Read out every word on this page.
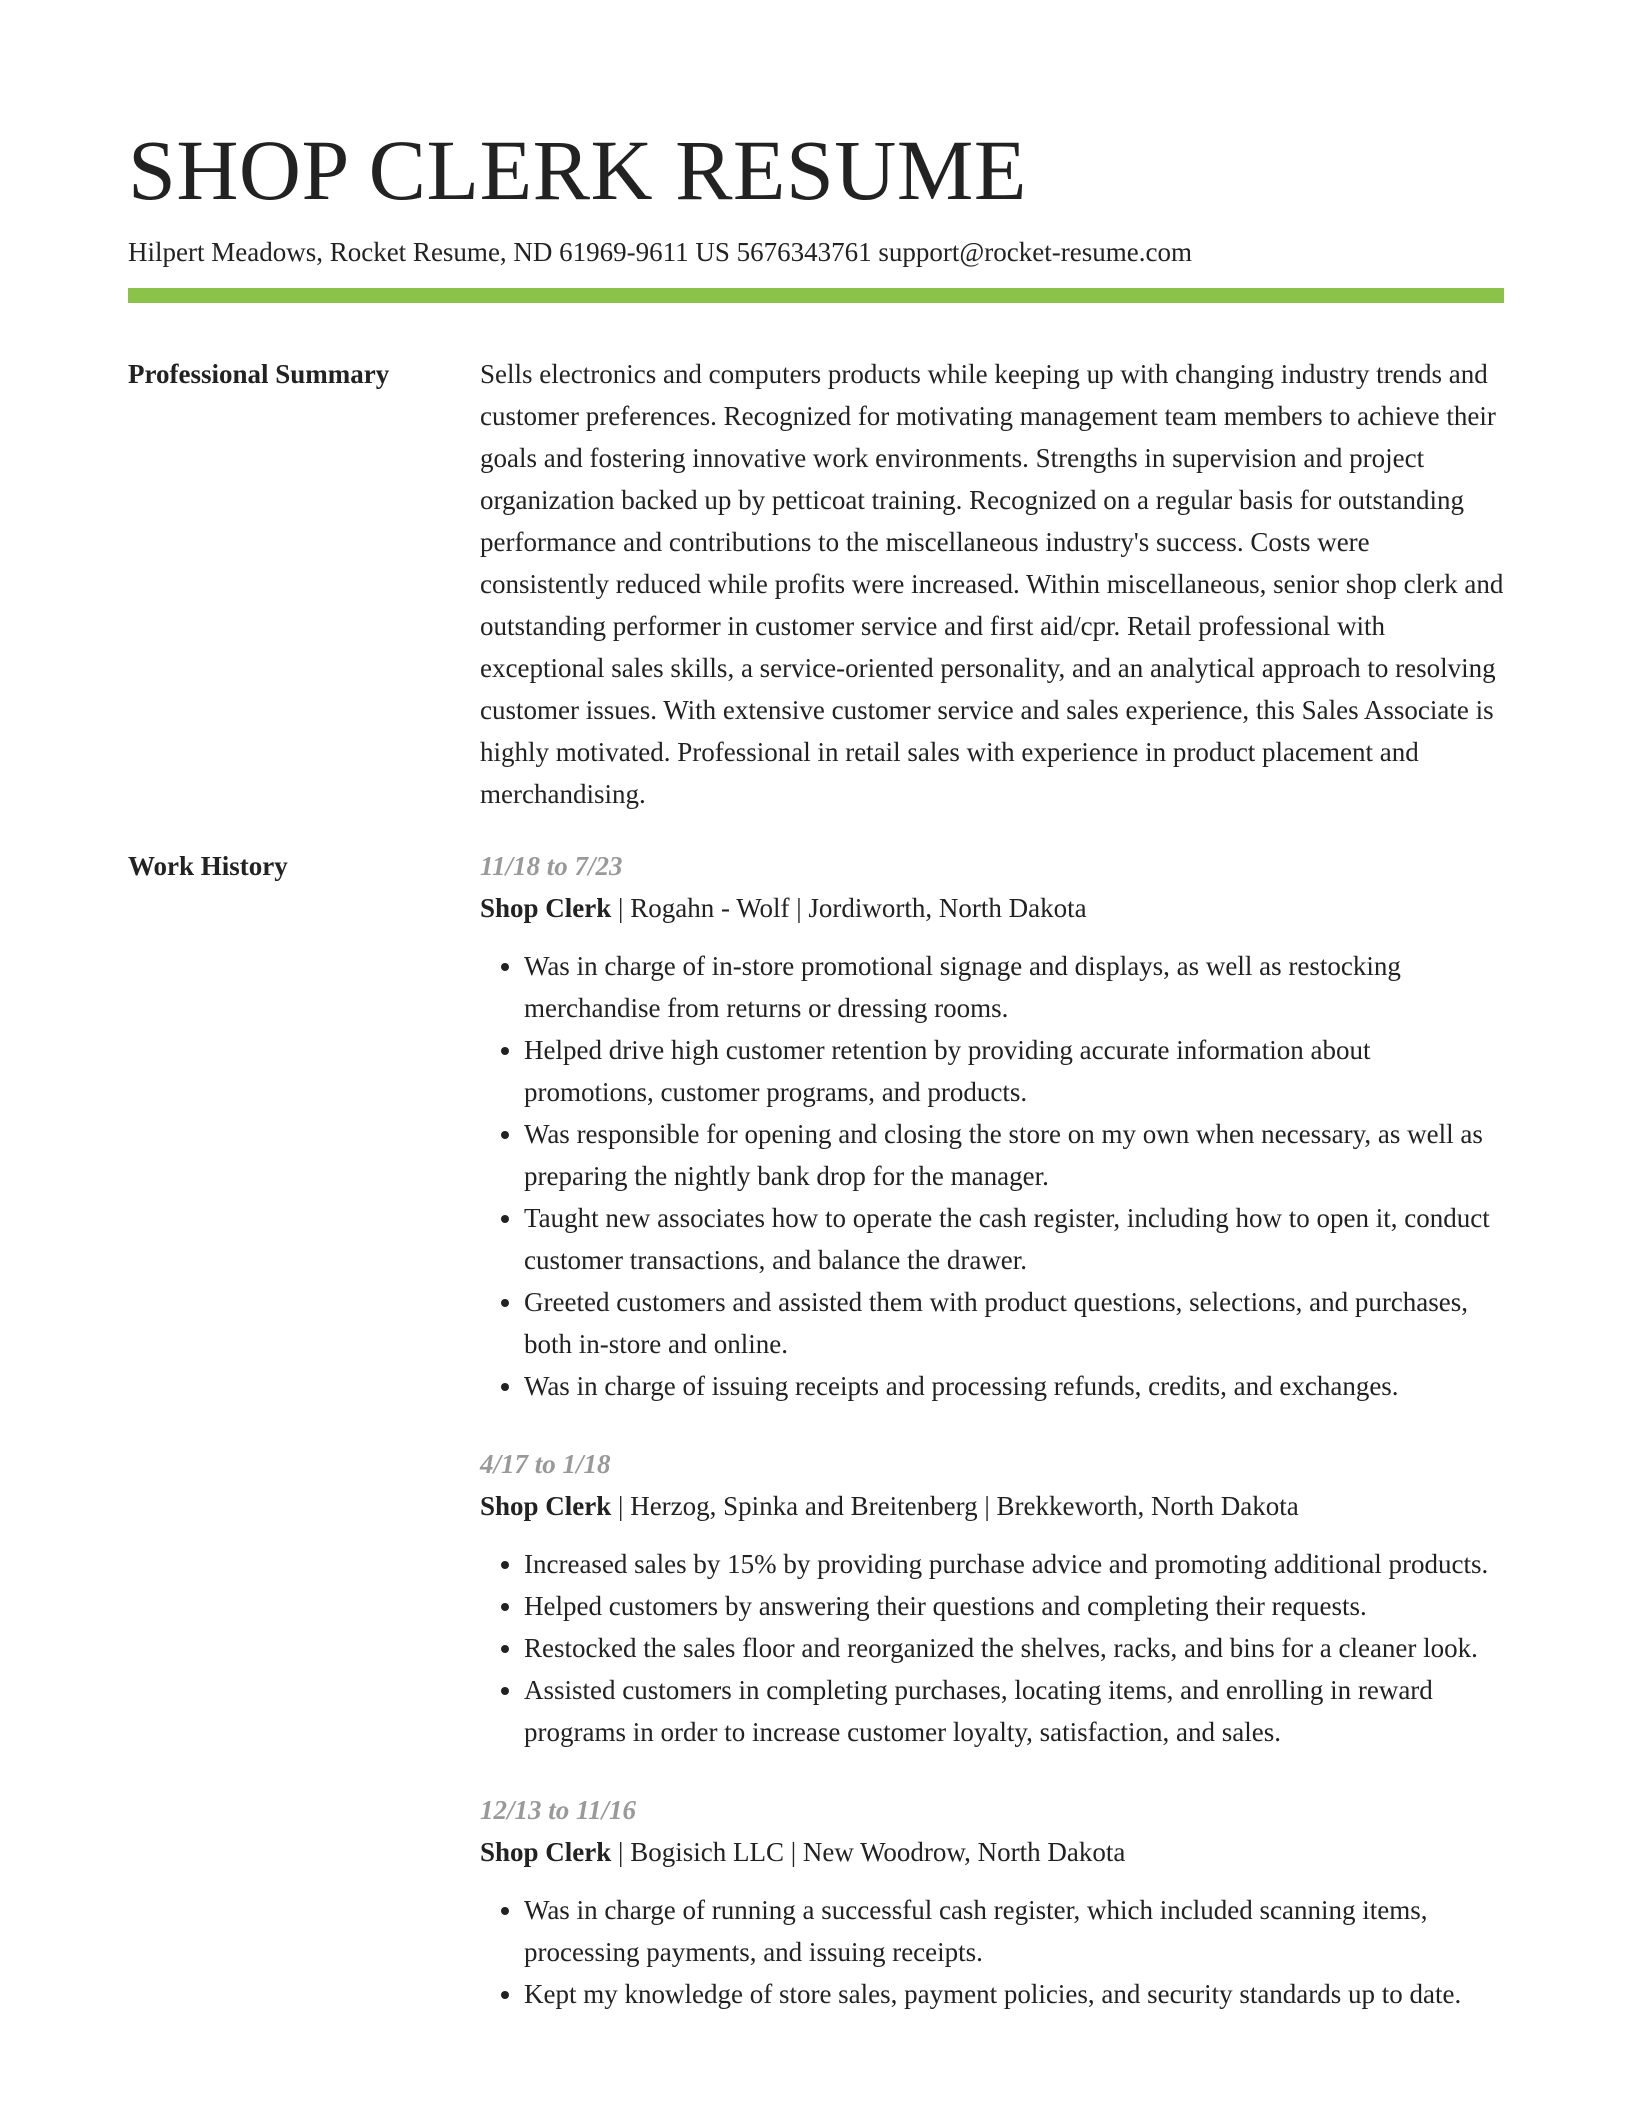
SHOP CLERK RESUME
Hilpert Meadows, Rocket Resume, ND 61969-9611 US 5676343761 support@rocket-resume.com
Professional Summary	Sells electronics and computers products while keeping up with changing industry trends and customer preferences. Recognized for motivating management team members to achieve their goals and fostering innovative work environments. Strengths in supervision and project organization backed up by petticoat training. Recognized on a regular basis for outstanding performance and contributions to the miscellaneous industry's success. Costs were consistently reduced while profits were increased. Within miscellaneous, senior shop clerk and outstanding performer in customer service and first aid/cpr. Retail professional with exceptional sales skills, a service-oriented personality, and an analytical approach to resolving customer issues. With extensive customer service and sales experience, this Sales Associate is highly motivated. Professional in retail sales with experience in product placement and merchandising.

Work History	11/18 to 7/23
Shop Clerk | Rogahn - Wolf | Jordiworth, North Dakota
• Was in charge of in-store promotional signage and displays, as well as restocking merchandise from returns or dressing rooms.
• Helped drive high customer retention by providing accurate information about promotions, customer programs, and products.
• Was responsible for opening and closing the store on my own when necessary, as well as preparing the nightly bank drop for the manager.
• Taught new associates how to operate the cash register, including how to open it, conduct customer transactions, and balance the drawer.
• Greeted customers and assisted them with product questions, selections, and purchases, both in-store and online.
• Was in charge of issuing receipts and processing refunds, credits, and exchanges.
4/17 to 1/18
Shop Clerk | Herzog, Spinka and Breitenberg | Brekkeworth, North Dakota
• Increased sales by 15% by providing purchase advice and promoting additional products.
• Helped customers by answering their questions and completing their requests.
• Restocked the sales floor and reorganized the shelves, racks, and bins for a cleaner look.
• Assisted customers in completing purchases, locating items, and enrolling in reward programs in order to increase customer loyalty, satisfaction, and sales.
12/13 to 11/16
Shop Clerk | Bogisich LLC | New Woodrow, North Dakota
• Was in charge of running a successful cash register, which included scanning items, processing payments, and issuing receipts.
• Kept my knowledge of store sales, payment policies, and security standards up to date.
